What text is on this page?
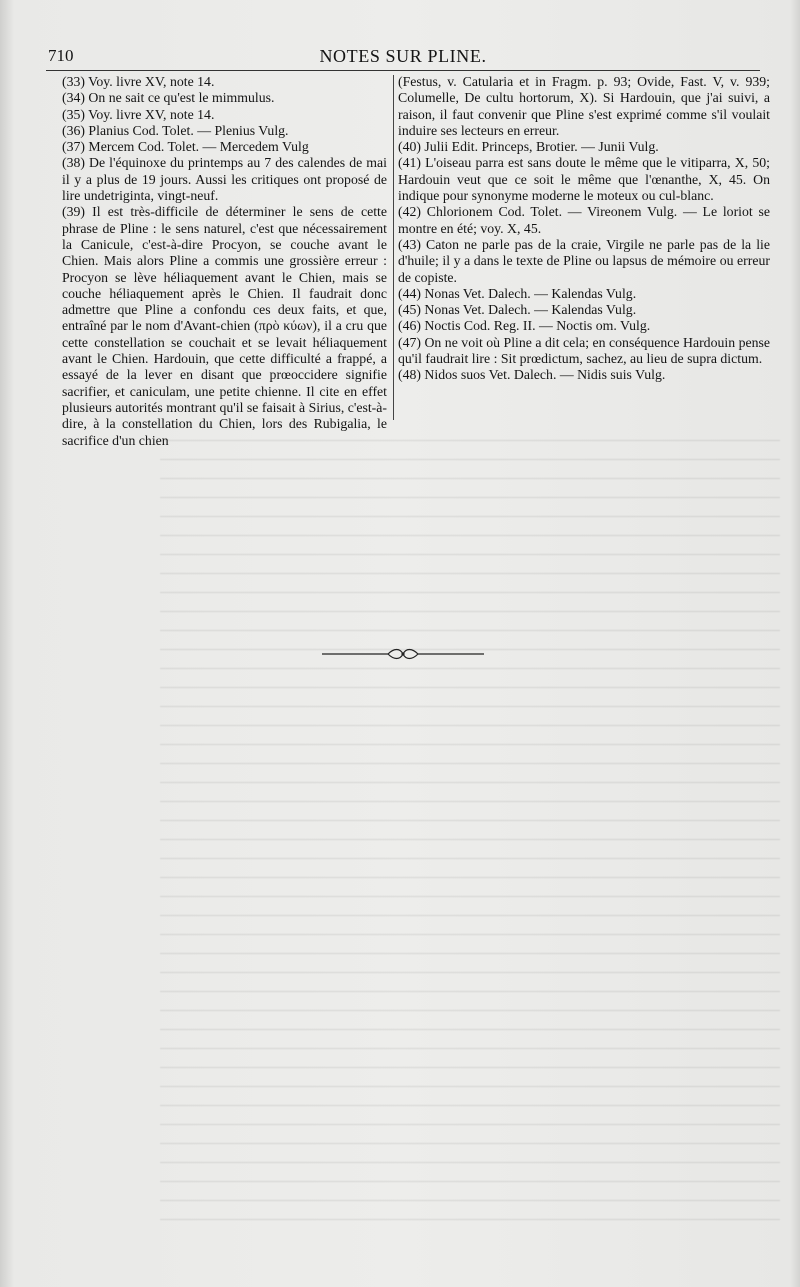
710	NOTES SUR PLINE.

(33) Voy. livre XV, note 14.

(34) On ne sait ce qu'est le mimmulus.

(35) Voy. livre XV, note 14.

(36) Planius Cod. Tolet. — Plenius Vulg.

(37) Mercem Cod. Tolet. — Mercedem Vulg

(38) De l'équinoxe du printemps au 7 des calendes de mai il y a plus de 19 jours. Aussi les critiques ont proposé de lire undetriginta, vingt-neuf.

(39) Il est très-difficile de déterminer le sens de cette phrase de Pline : le sens naturel, c'est que nécessairement la Canicule, c'est-à-dire Procyon, se couche avant le Chien. Mais alors Pline a commis une grossière erreur : Procyon se lève héliaquement avant le Chien, mais se couche héliaquement après le Chien. Il faudrait donc admettre que Pline a confondu ces deux faits, et que, entraîné par le nom d'Avant-chien (πρὸ κύων), il a cru que cette constellation se couchait et se levait héliaquement avant le Chien. Hardouin, que cette difficulté a frappé, a essayé de la lever en disant que prœoccidere signifie sacrifier, et caniculam, une petite chienne. Il cite en effet plusieurs autorités montrant qu'il se faisait à Sirius, c'est-à-dire, à la constellation du Chien, lors des Rubigalia, le sacrifice d'un chien

(Festus, v. Catularia et in Fragm. p. 93; Ovide, Fast. V, v. 939; Columelle, De cultu hortorum, X). Si Hardouin, que j'ai suivi, a raison, il faut convenir que Pline s'est exprimé comme s'il voulait induire ses lecteurs en erreur.

(40) Julii Edit. Princeps, Brotier. — Junii Vulg.

(41) L'oiseau parra est sans doute le même que le vitiparra, X, 50; Hardouin veut que ce soit le même que l'œnanthe, X, 45. On indique pour synonyme moderne le moteux ou cul-blanc.

(42) Chlorionem Cod. Tolet. — Vireonem Vulg. — Le loriot se montre en été; voy. X, 45.

(43) Caton ne parle pas de la craie, Virgile ne parle pas de la lie d'huile; il y a dans le texte de Pline ou lapsus de mémoire ou erreur de copiste.

(44) Nonas Vet. Dalech. — Kalendas Vulg.

(45) Nonas Vet. Dalech. — Kalendas Vulg.

(46) Noctis Cod. Reg. II. — Noctis om. Vulg.

(47) On ne voit où Pline a dit cela; en conséquence Hardouin pense qu'il faudrait lire : Sit prœdictum, sachez, au lieu de supra dictum.

(48) Nidos suos Vet. Dalech. — Nidis suis Vulg.
